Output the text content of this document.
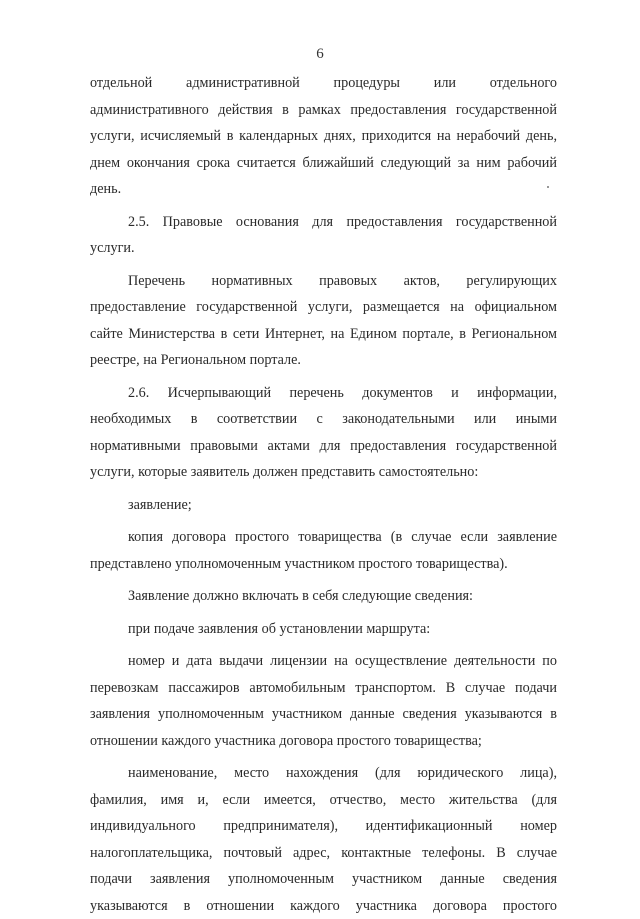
6
отдельной административной процедуры или отдельного
административного действия в рамках предоставления государственной
услуги, исчисляемый в календарных днях, приходится на нерабочий день,
днем окончания срока считается ближайший следующий за ним рабочий
день.
2.5. Правовые основания для предоставления государственной
услуги.
Перечень нормативных правовых актов, регулирующих
предоставление государственной услуги, размещается на официальном
сайте Министерства в сети Интернет, на Едином портале, в Региональном
реестре, на Региональном портале.
2.6. Исчерпывающий перечень документов и информации,
необходимых в соответствии с законодательными или иными
нормативными правовыми актами для предоставления государственной
услуги, которые заявитель должен представить самостоятельно:
заявление;
копия договора простого товарищества (в случае если заявление
представлено уполномоченным участником простого товарищества).
Заявление должно включать в себя следующие сведения:
при подаче заявления об установлении маршрута:
номер и дата выдачи лицензии на осуществление деятельности по
перевозкам пассажиров автомобильным транспортом. В случае подачи
заявления уполномоченным участником данные сведения указываются в
отношении каждого участника договора простого товарищества;
наименование, место нахождения (для юридического лица),
фамилия, имя и, если имеется, отчество, место жительства (для
индивидуального предпринимателя), идентификационный номер
налогоплательщика, почтовый адрес, контактные телефоны. В случае
подачи заявления уполномоченным участником данные сведения
указываются в отношении каждого участника договора простого
